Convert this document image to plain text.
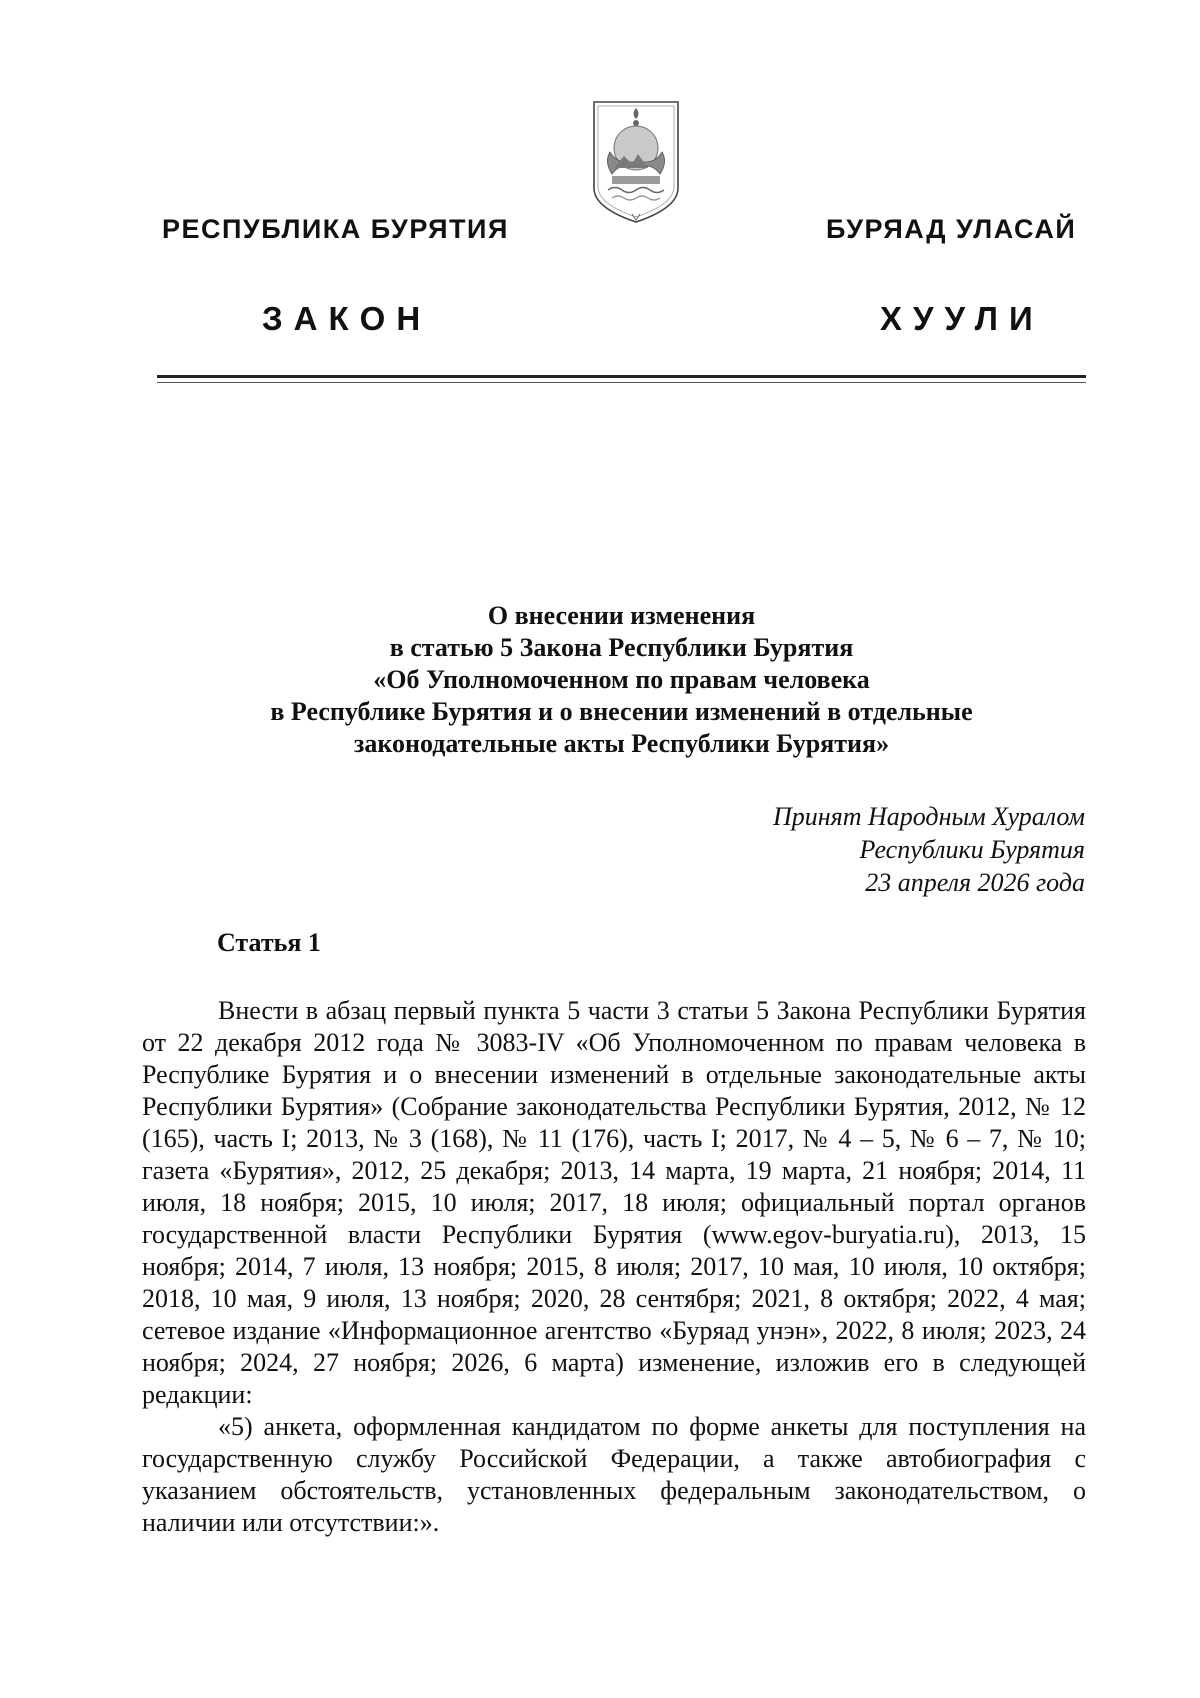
РЕСПУБЛИКА БУРЯТИЯ	БУРЯАД УЛАСАЙ
ЗАКОН	ХУУЛИ
О внесении изменения
в статью 5 Закона Республики Бурятия
«Об Уполномоченном по правам человека
в Республике Бурятия и о внесении изменений в отдельные
законодательные акты Республики Бурятия»
Принят Народным Хуралом
Республики Бурятия
23 апреля 2026 года
Статья 1

Внести в абзац первый пункта 5 части 3 статьи 5 Закона Республики Бурятия от 22 декабря 2012 года № 3083-IV «Об Уполномоченном по правам человека в Республике Бурятия и о внесении изменений в отдельные законодательные акты Республики Бурятия» (Собрание законодательства Республики Бурятия, 2012, № 12 (165), часть I; 2013, № 3 (168), № 11 (176), часть I; 2017, № 4 – 5, № 6 – 7, № 10; газета «Бурятия», 2012, 25 декабря; 2013, 14 марта, 19 марта, 21 ноября; 2014, 11 июля, 18 ноября; 2015, 10 июля; 2017, 18 июля; официальный портал органов государственной власти Республики Бурятия (www.egov-buryatia.ru), 2013, 15 ноября; 2014, 7 июля, 13 ноября; 2015, 8 июля; 2017, 10 мая, 10 июля, 10 октября; 2018, 10 мая, 9 июля, 13 ноября; 2020, 28 сентября; 2021, 8 октября; 2022, 4 мая; сетевое издание «Информационное агентство «Буряад унэн», 2022, 8 июля; 2023, 24 ноября; 2024, 27 ноября; 2026, 6 марта) изменение, изложив его в следующей редакции:

«5) анкета, оформленная кандидатом по форме анкеты для поступления на государственную службу Российской Федерации, а также автобиография с указанием обстоятельств, установленных федеральным законодательством, о наличии или отсутствии:».
